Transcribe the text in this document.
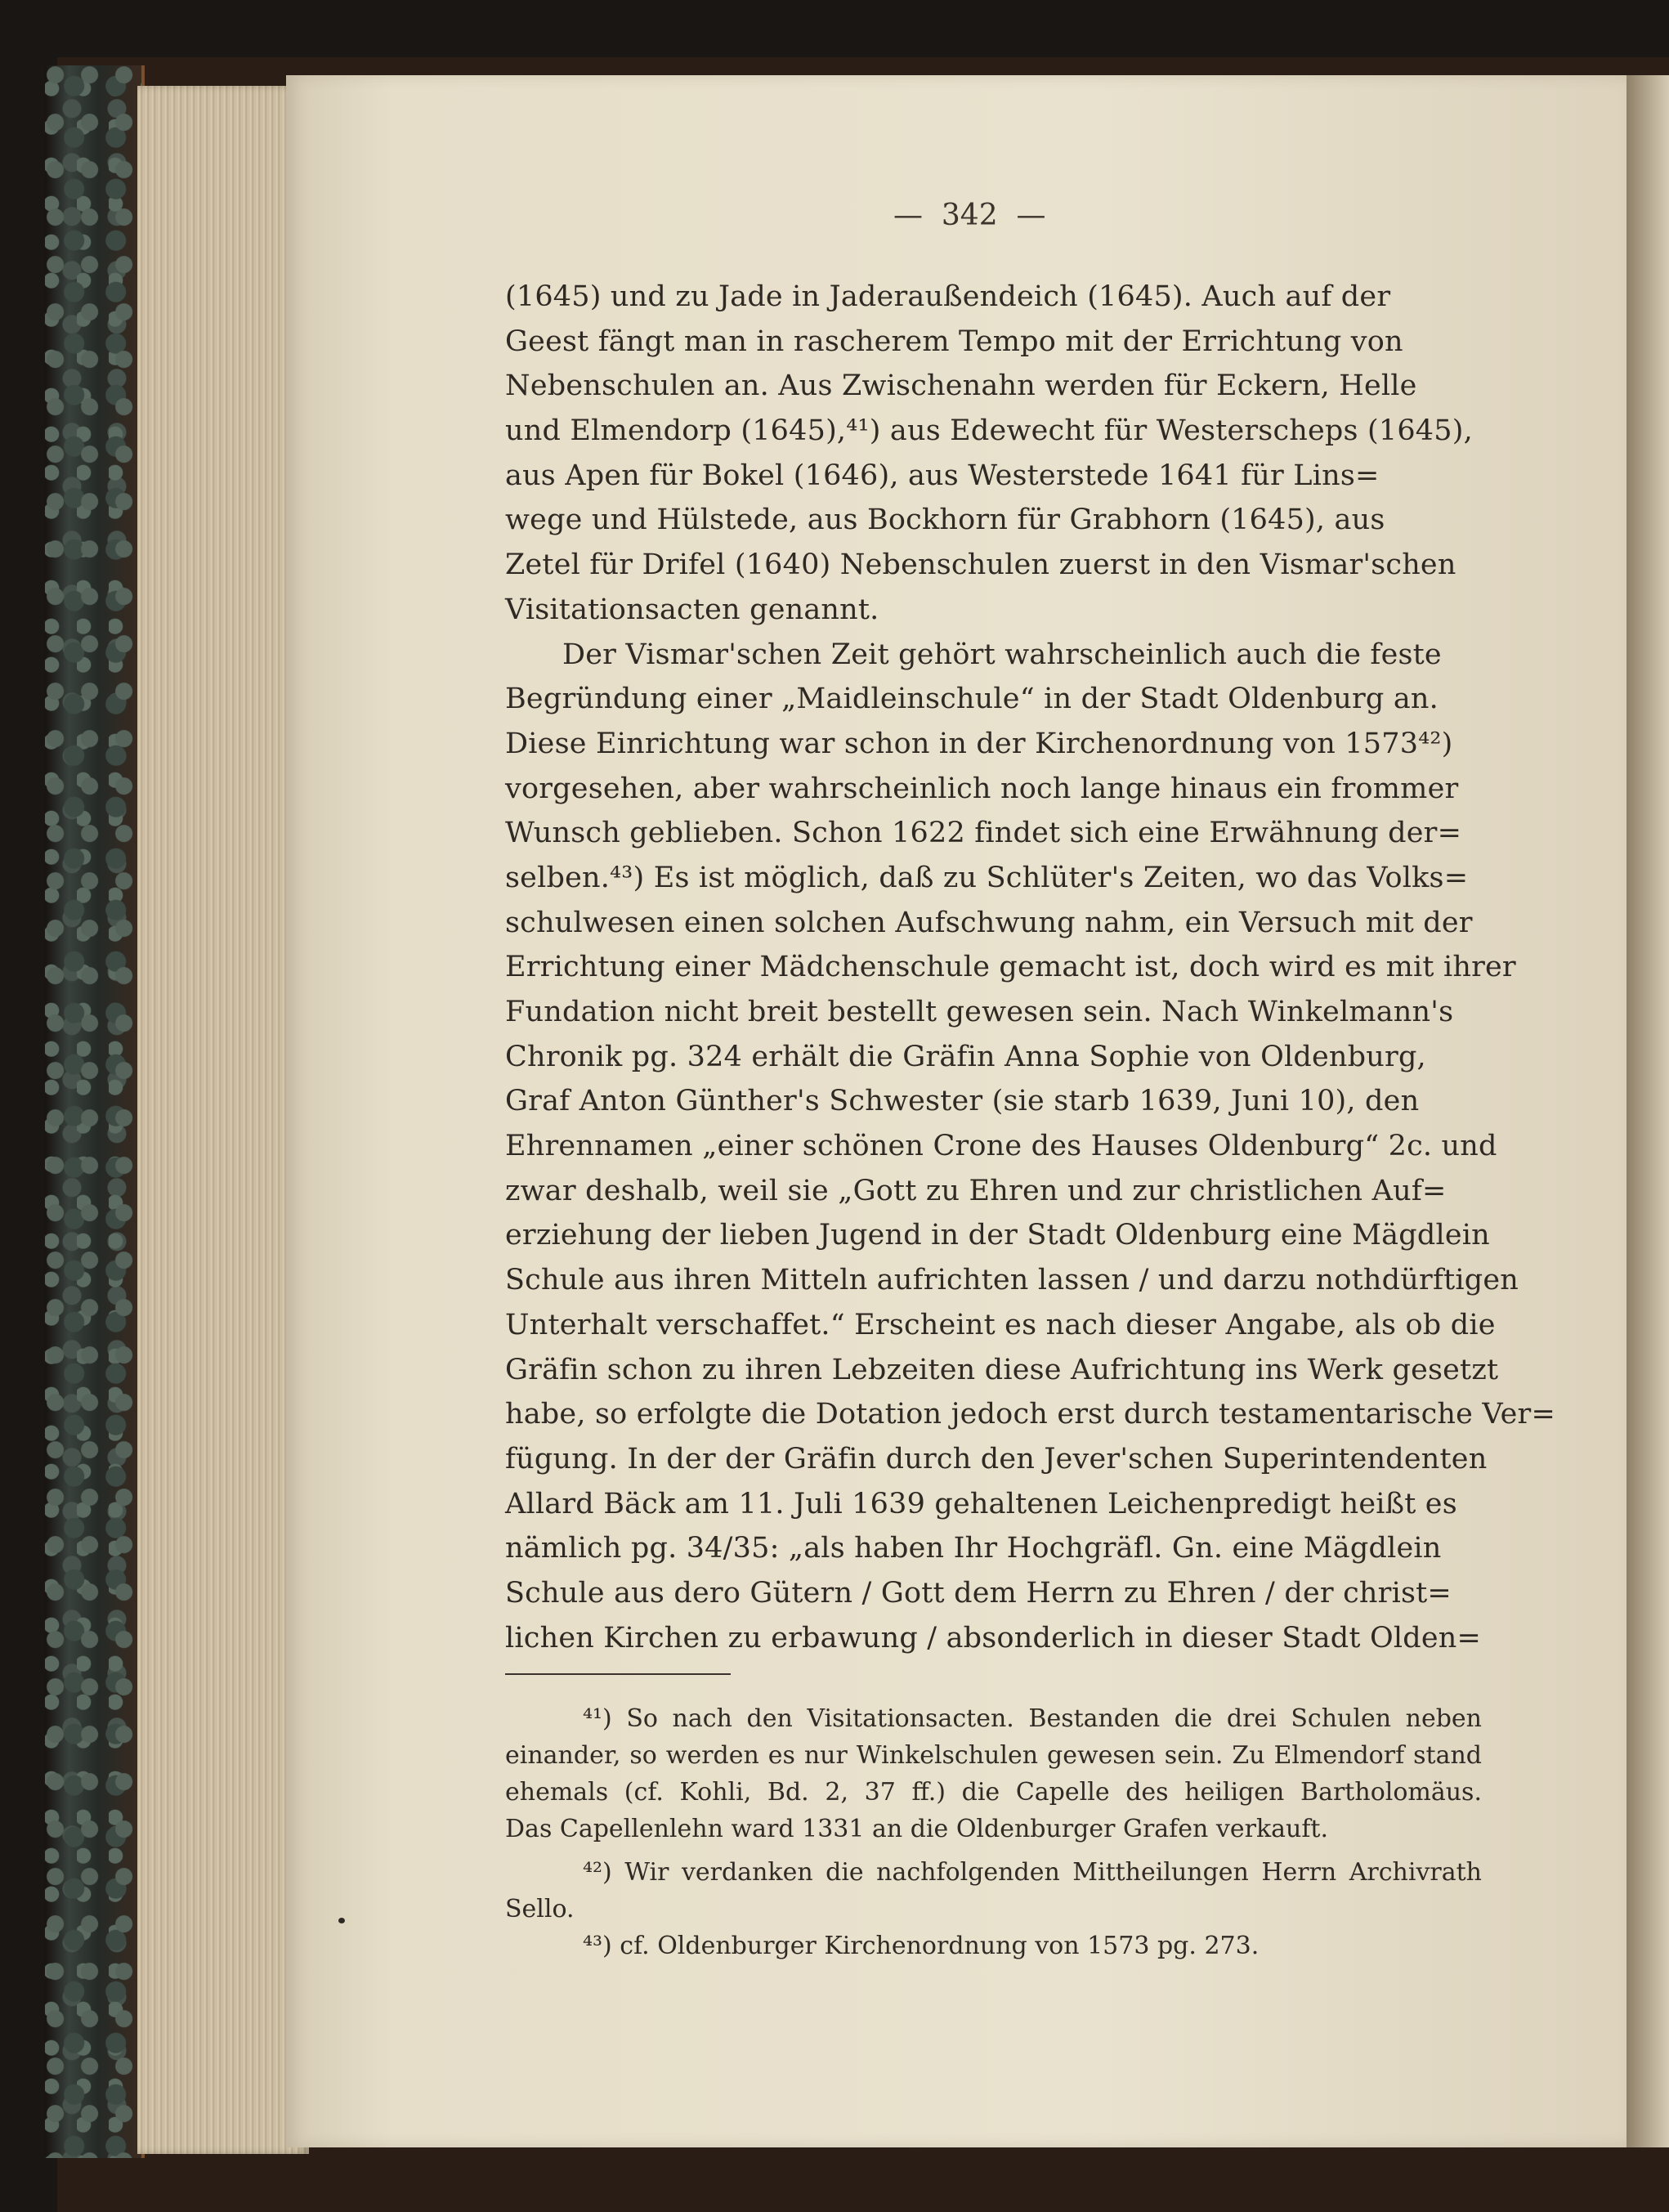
—  342  —
(1645) und zu Jade in Jaderaußendeich (1645). Auch auf der
Geest fängt man in rascherem Tempo mit der Errichtung von
Nebenschulen an. Aus Zwischenahn werden für Eckern, Helle
und Elmendorp (1645),⁴¹) aus Edewecht für Westerscheps (1645),
aus Apen für Bokel (1646), aus Westerstede 1641 für Lins=
wege und Hülstede, aus Bockhorn für Grabhorn (1645), aus
Zetel für Drifel (1640) Nebenschulen zuerst in den Vismar'schen
Visitationsacten genannt.
Der Vismar'schen Zeit gehört wahrscheinlich auch die feste
Begründung einer „Maidleinschule“ in der Stadt Oldenburg an.
Diese Einrichtung war schon in der Kirchenordnung von 1573⁴²)
vorgesehen, aber wahrscheinlich noch lange hinaus ein frommer
Wunsch geblieben. Schon 1622 findet sich eine Erwähnung der=
selben.⁴³) Es ist möglich, daß zu Schlüter's Zeiten, wo das Volks=
schulwesen einen solchen Aufschwung nahm, ein Versuch mit der
Errichtung einer Mädchenschule gemacht ist, doch wird es mit ihrer
Fundation nicht breit bestellt gewesen sein. Nach Winkelmann's
Chronik pg. 324 erhält die Gräfin Anna Sophie von Oldenburg,
Graf Anton Günther's Schwester (sie starb 1639, Juni 10), den
Ehrennamen „einer schönen Crone des Hauses Oldenburg“ 2c. und
zwar deshalb, weil sie „Gott zu Ehren und zur christlichen Auf=
erziehung der lieben Jugend in der Stadt Oldenburg eine Mägdlein
Schule aus ihren Mitteln aufrichten lassen / und darzu nothdürftigen
Unterhalt verschaffet.“ Erscheint es nach dieser Angabe, als ob die
Gräfin schon zu ihren Lebzeiten diese Aufrichtung ins Werk gesetzt
habe, so erfolgte die Dotation jedoch erst durch testamentarische Ver=
fügung. In der der Gräfin durch den Jever'schen Superintendenten
Allard Bäck am 11. Juli 1639 gehaltenen Leichenpredigt heißt es
nämlich pg. 34/35: „als haben Ihr Hochgräfl. Gn. eine Mägdlein
Schule aus dero Gütern / Gott dem Herrn zu Ehren / der christ=
lichen Kirchen zu erbawung / absonderlich in dieser Stadt Olden=
⁴¹) So nach den Visitationsacten. Bestanden die drei Schulen neben
einander, so werden es nur Winkelschulen gewesen sein. Zu Elmendorf stand
ehemals (cf. Kohli, Bd. 2, 37 ff.) die Capelle des heiligen Bartholomäus.
Das Capellenlehn ward 1331 an die Oldenburger Grafen verkauft.
⁴²) Wir verdanken die nachfolgenden Mittheilungen Herrn Archivrath
Sello.
⁴³) cf. Oldenburger Kirchenordnung von 1573 pg. 273.
